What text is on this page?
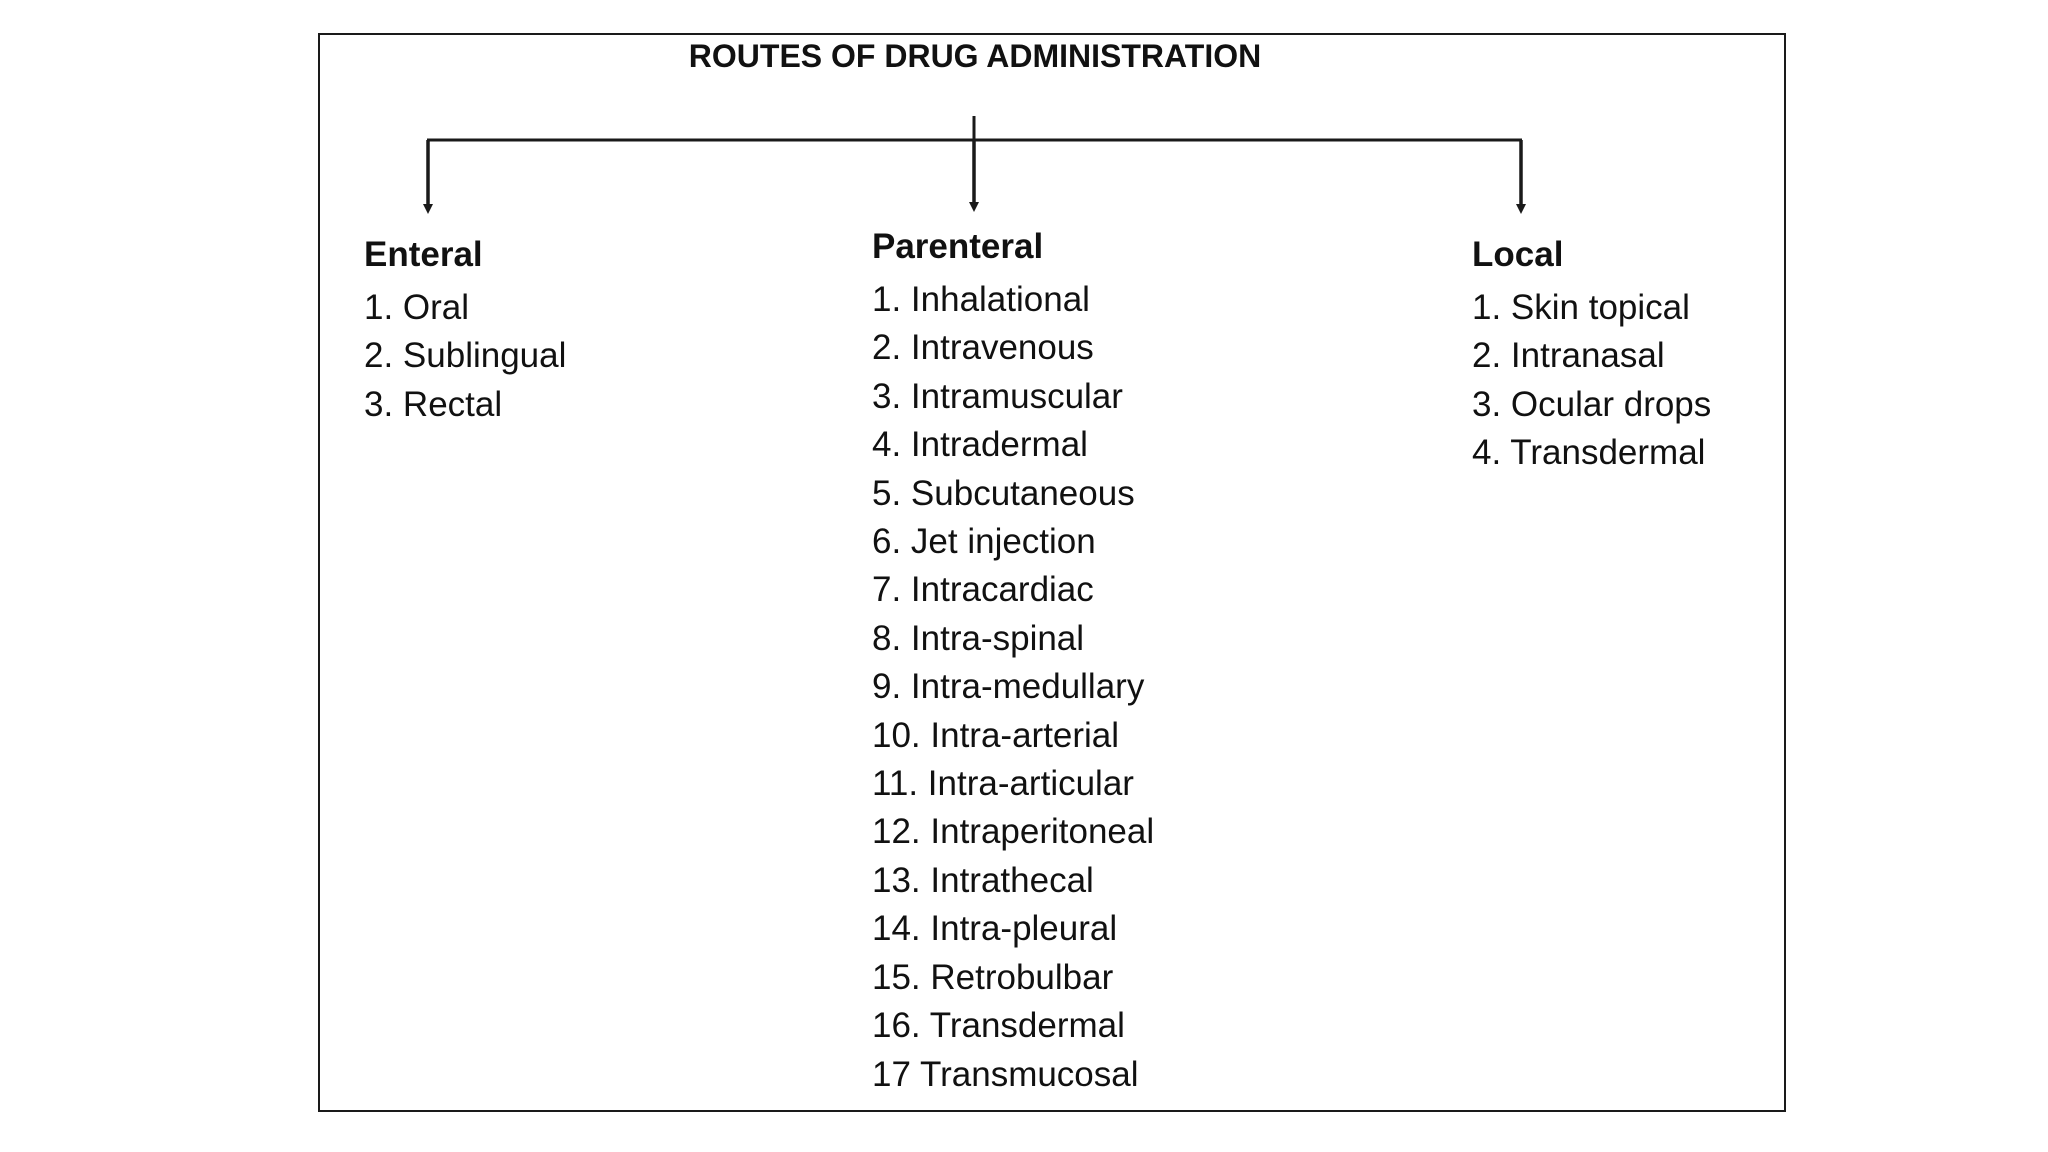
ROUTES OF DRUG ADMINISTRATION
Enteral
1. Oral
2. Sublingual
3. Rectal
Parenteral
1. Inhalational
2. Intravenous
3. Intramuscular
4. Intradermal
5. Subcutaneous
6. Jet injection
7. Intracardiac
8. Intra-spinal
9. Intra-medullary
10. Intra-arterial
11. Intra-articular
12. Intraperitoneal
13. Intrathecal
14. Intra-pleural
15. Retrobulbar
16. Transdermal
17 Transmucosal
Local
1. Skin topical
2. Intranasal
3. Ocular drops
4. Transdermal
